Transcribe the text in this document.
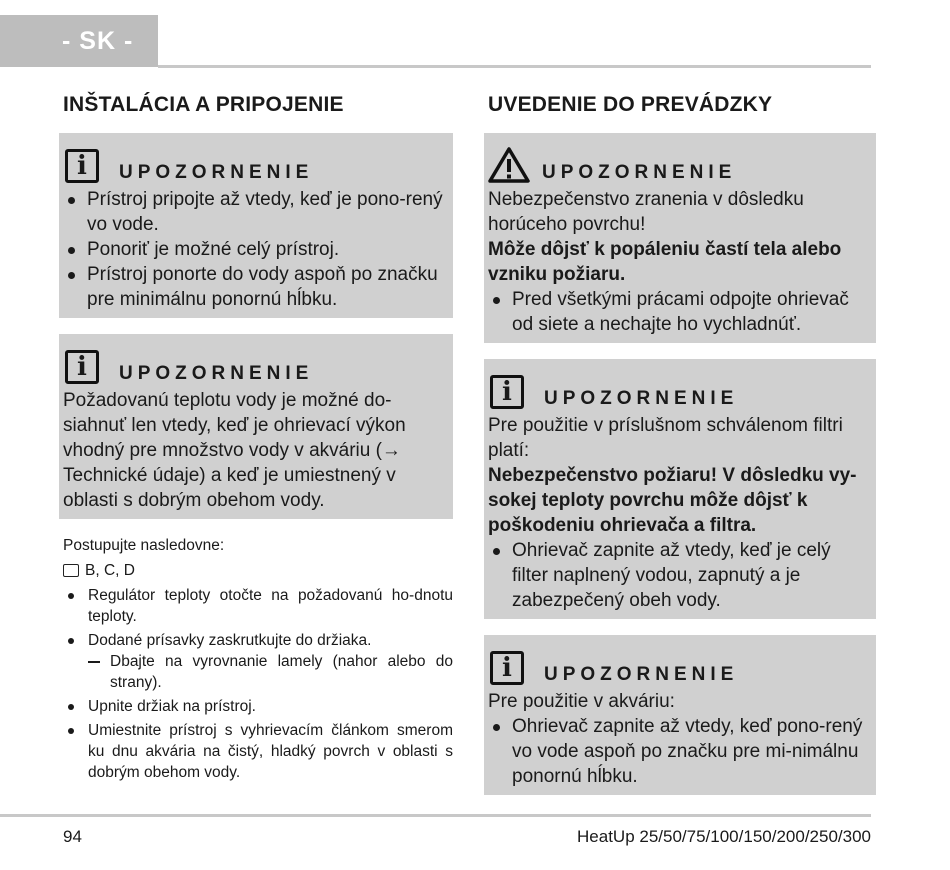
- SK -
INŠTALÁCIA A PRIPOJENIE
i	UPOZORNENIE
Prístroj pripojte až vtedy, keď je pono-rený vo vode.
Ponoriť je možné celý prístroj.
Prístroj ponorte do vody aspoň po značku pre minimálnu ponornú hĺbku.
i	UPOZORNENIE

Požadovanú teplotu vody je možné do-siahnuť len vtedy, keď je ohrievací výkon vhodný pre množstvo vody v akváriu (→ Technické údaje) a keď je umiestnený v oblasti s dobrým obehom vody.

Postupujte nasledovne:

B, C, D
Regulátor teploty otočte na požadovanú ho-dnotu teploty.
Dodané prísavky zaskrutkujte do držiaka.
Dbajte na vyrovnanie lamely (nahor alebo do strany).
Upnite držiak na prístroj.
Umiestnite prístroj s vyhrievacím článkom smerom ku dnu akvária na čistý, hladký povrch v oblasti s dobrým obehom vody.
UVEDENIE DO PREVÁDZKY
UPOZORNENIE

Nebezpečenstvo zranenia v dôsledku horúceho povrchu!

Môže dôjsť k popáleniu častí tela alebo vzniku požiaru.

Pred všetkými prácami odpojte ohrievač od siete a nechajte ho vychladnúť.
i	UPOZORNENIE

Pre použitie v príslušnom schválenom filtri platí:

Nebezpečenstvo požiaru! V dôsledku vy-sokej teploty povrchu môže dôjsť k poškodeniu ohrievača a filtra.

Ohrievač zapnite až vtedy, keď je celý filter naplnený vodou, zapnutý a je zabezpečený obeh vody.
i	UPOZORNENIE

Pre použitie v akváriu:

Ohrievač zapnite až vtedy, keď pono-rený vo vode aspoň po značku pre mi-nimálnu ponornú hĺbku.
94	HeatUp 25/50/75/100/150/200/250/300
